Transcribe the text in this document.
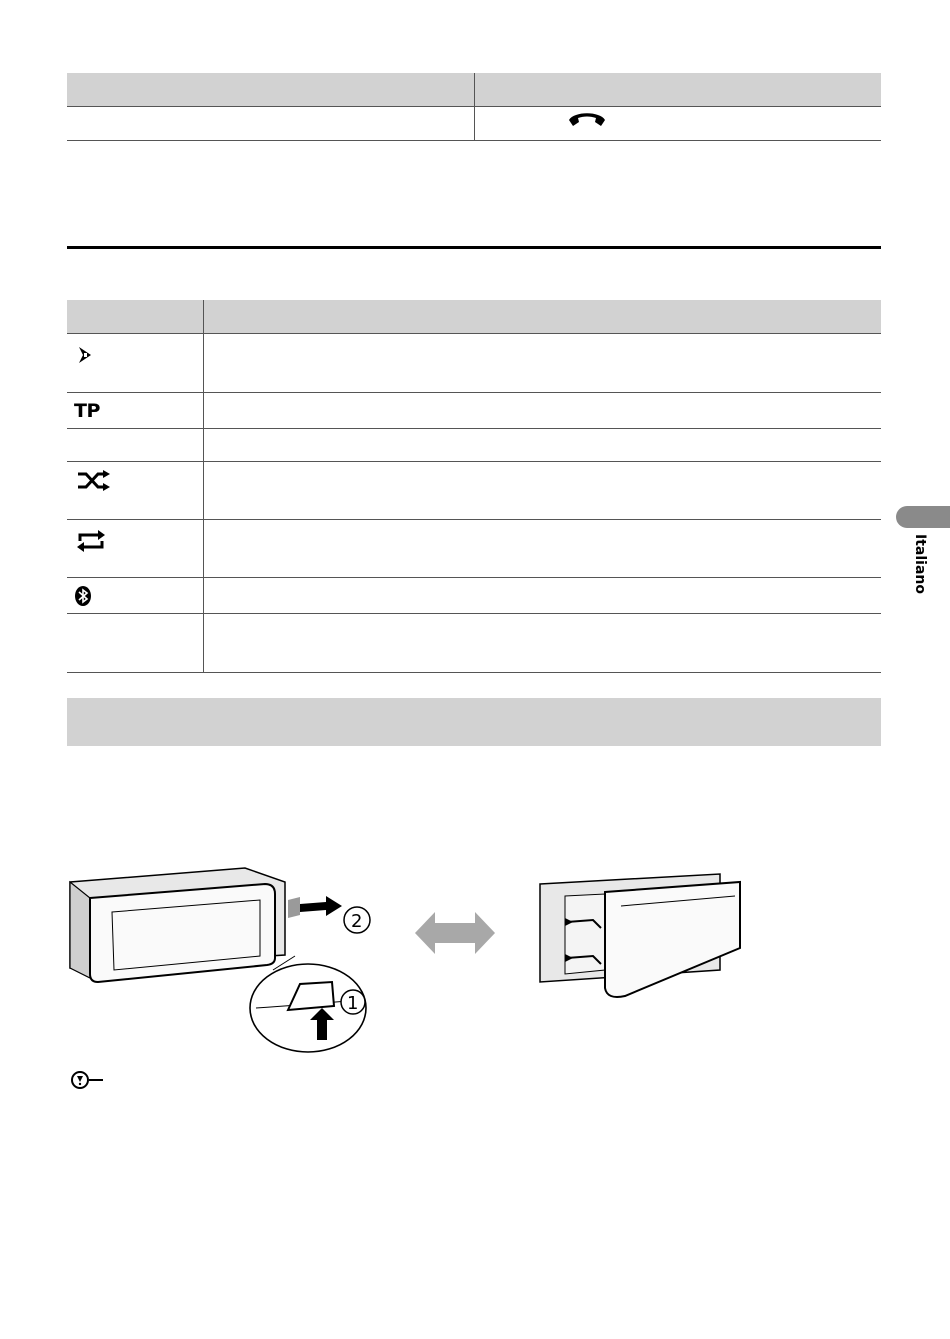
TP
Italiano
2
1
